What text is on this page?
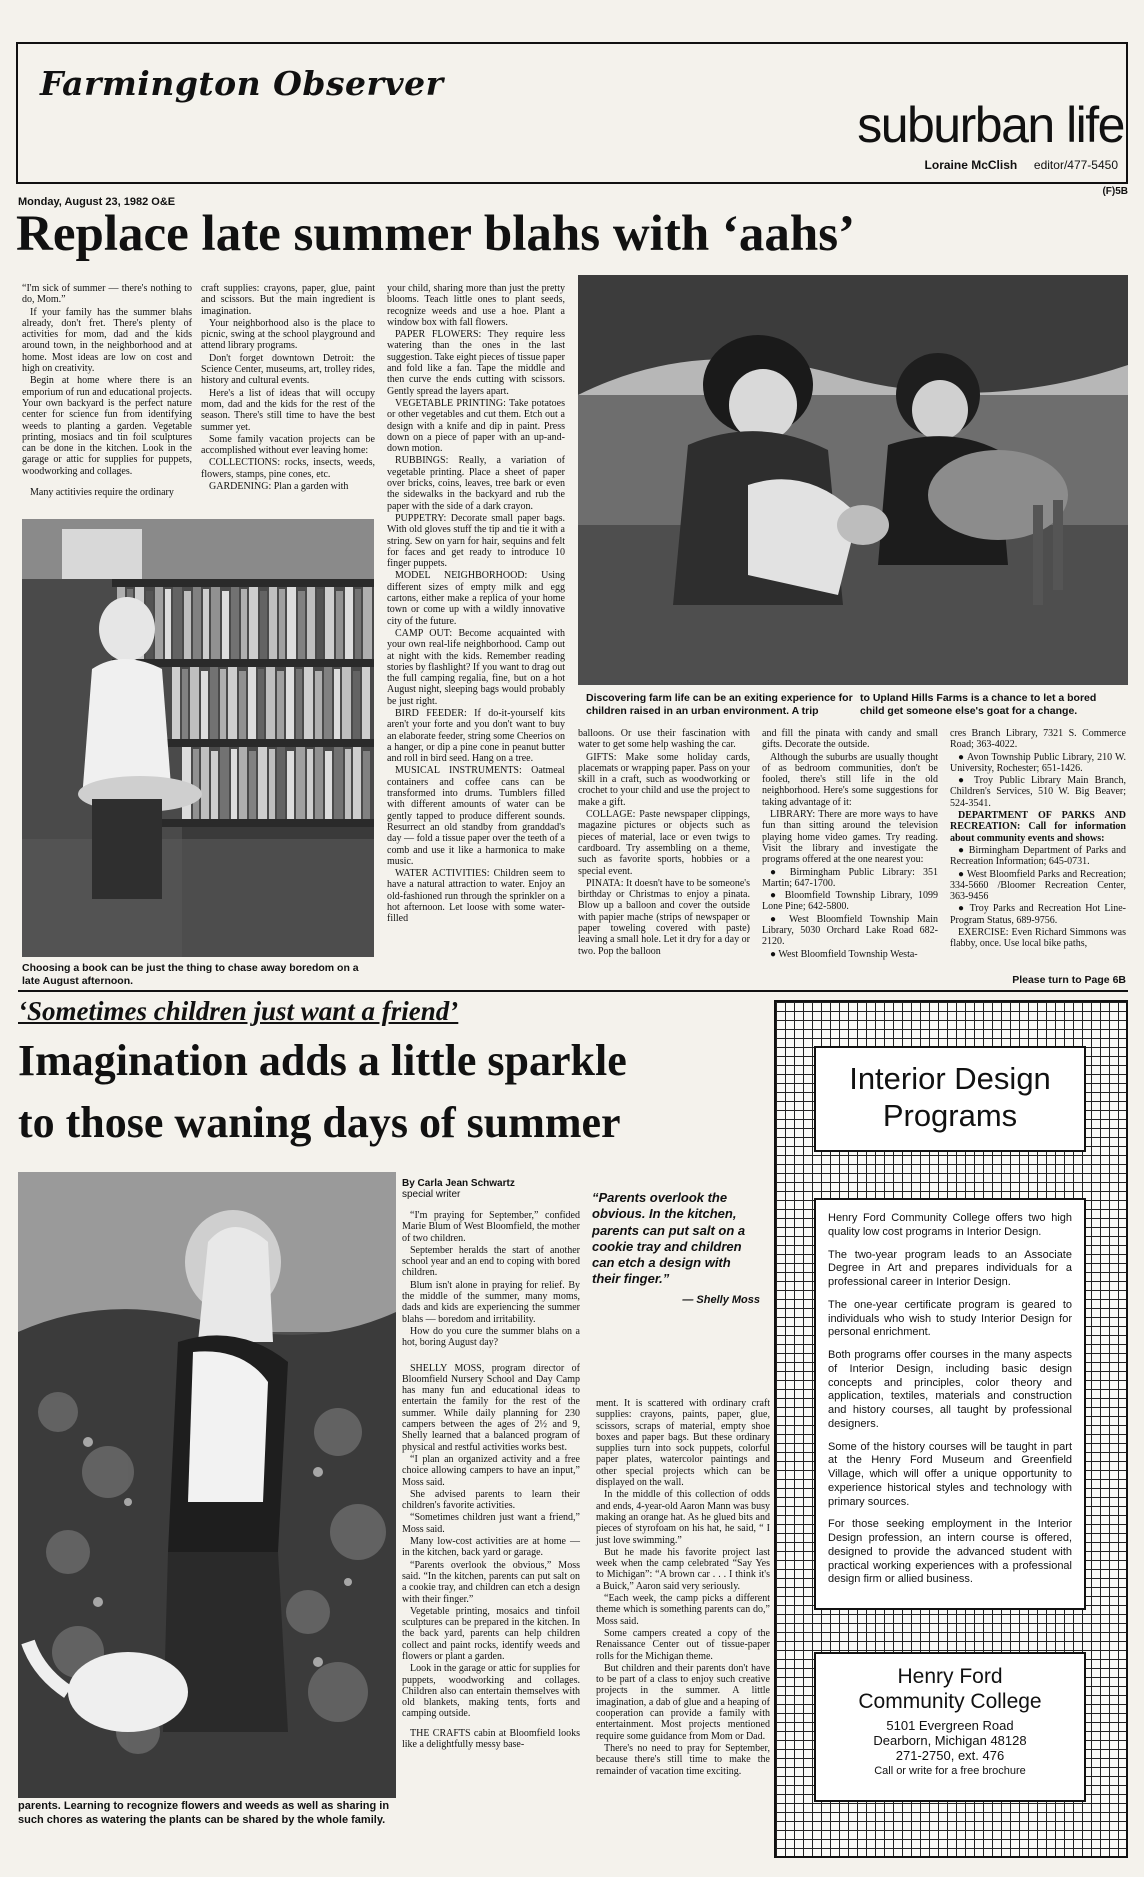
Farmington Observer
suburban life
Loraine McClish editor/477-5450
Monday, August 23, 1982 O&E
(F)5B
Replace late summer blahs with ‘aahs’

“I'm sick of summer — there's nothing to do, Mom.”

If your family has the summer blahs already, don't fret. There's plenty of activities for mom, dad and the kids around town, in the neighborhood and at home. Most ideas are low on cost and high on creativity.

Begin at home where there is an emporium of run and educational projects. Your own backyard is the perfect nature center for science fun from identifying weeds to planting a garden. Vegetable printing, mosiacs and tin foil sculptures can be done in the kitchen. Look in the garage or attic for supplies for puppets, woodworking and collages.

Many actitivies require the ordinary

craft supplies: crayons, paper, glue, paint and scissors. But the main ingredient is imagination.

Your neighborhood also is the place to picnic, swing at the school playground and attend library programs.

Don't forget downtown Detroit: the Science Center, museums, art, trolley rides, history and cultural events.

Here's a list of ideas that will occupy mom, dad and the kids for the rest of the season. There's still time to have the best summer yet.

Some family vacation projects can be accomplished without ever leaving home:

COLLECTIONS: rocks, insects, weeds, flowers, stamps, pine cones, etc.

GARDENING: Plan a garden with

Choosing a book can be just the thing to chase away boredom on a late August afternoon.

your child, sharing more than just the pretty blooms. Teach little ones to plant seeds, recognize weeds and use a hoe. Plant a window box with fall flowers.

PAPER FLOWERS: They require less watering than the ones in the last suggestion. Take eight pieces of tissue paper and fold like a fan. Tape the middle and then curve the ends cutting with scissors. Gently spread the layers apart.

VEGETABLE PRINTING: Take potatoes or other vegetables and cut them. Etch out a design with a knife and dip in paint. Press down on a piece of paper with an up-and-down motion.

RUBBINGS: Really, a variation of vegetable printing. Place a sheet of paper over bricks, coins, leaves, tree bark or even the sidewalks in the backyard and rub the paper with the side of a dark crayon.

PUPPETRY: Decorate small paper bags. With old gloves stuff the tip and tie it with a string. Sew on yarn for hair, sequins and felt for faces and get ready to introduce 10 finger puppets.

MODEL NEIGHBORHOOD: Using different sizes of empty milk and egg cartons, either make a replica of your home town or come up with a wildly innovative city of the future.

CAMP OUT: Become acquainted with your own real-life neighborhood. Camp out at night with the kids. Remember reading stories by flashlight? If you want to drag out the full camping regalia, fine, but on a hot August night, sleeping bags would probably be just right.

BIRD FEEDER: If do-it-yourself kits aren't your forte and you don't want to buy an elaborate feeder, string some Cheerios on a hanger, or dip a pine cone in peanut butter and roll in bird seed. Hang on a tree.

MUSICAL INSTRUMENTS: Oatmeal containers and coffee cans can be transformed into drums. Tumblers filled with different amounts of water can be gently tapped to produce different sounds. Resurrect an old standby from granddad's day — fold a tissue paper over the teeth of a comb and use it like a harmonica to make music.

WATER ACTIVITIES: Children seem to have a natural attraction to water. Enjoy an old-fashioned run through the sprinkler on a hot afternoon. Let loose with some water-filled

Discovering farm life can be an exiting experience for children raised in an urban environment. A trip
to Upland Hills Farms is a chance to let a bored child get someone else's goat for a change.

balloons. Or use their fascination with water to get some help washing the car.

GIFTS: Make some holiday cards, placemats or wrapping paper. Pass on your skill in a craft, such as woodworking or crochet to your child and use the project to make a gift.

COLLAGE: Paste newspaper clippings, magazine pictures or objects such as pieces of material, lace or even twigs to cardboard. Try assembling on a theme, such as favorite sports, hobbies or a special event.

PINATA: It doesn't have to be someone's birthday or Christmas to enjoy a pinata. Blow up a balloon and cover the outside with papier mache (strips of newspaper or paper toweling covered with paste) leaving a small hole. Let it dry for a day or two. Pop the balloon

and fill the pinata with candy and small gifts. Decorate the outside.

Although the suburbs are usually thought of as bedroom communities, don't be fooled, there's still life in the old neighborhood. Here's some suggestions for taking advantage of it:

LIBRARY: There are more ways to have fun than sitting around the television playing home video games. Try reading. Visit the library and investigate the programs offered at the one nearest you:

● Birmingham Public Library: 351 Martin; 647-1700.

● Bloomfield Township Library, 1099 Lone Pine; 642-5800.

● West Bloomfield Township Main Library, 5030 Orchard Lake Road 682-2120.

● West Bloomfield Township Westa-

cres Branch Library, 7321 S. Commerce Road; 363-4022.

● Avon Township Public Library, 210 W. University, Rochester; 651-1426.

● Troy Public Library Main Branch, Children's Services, 510 W. Big Beaver; 524-3541.

DEPARTMENT OF PARKS AND RECREATION: Call for information about community events and shows:

● Birmingham Department of Parks and Recreation Information; 645-0731.

● West Bloomfield Parks and Recreation; 334-5660 /Bloomer Recreation Center, 363-9456

● Troy Parks and Recreation Hot Line-Program Status, 689-9756.

EXERCISE: Even Richard Simmons was flabby, once. Use local bike paths,

Please turn to Page 6B
‘Sometimes children just want a friend’
Imagination adds a little sparkle
to those waning days of summer
parents. Learning to recognize flowers and weeds as well as sharing in such chores as watering the plants can be shared by the whole family.
By Carla Jean Schwartz
special writer

“I'm praying for September,” confided Marie Blum of West Bloomfield, the mother of two children.

September heralds the start of another school year and an end to coping with bored children.

Blum isn't alone in praying for relief. By the middle of the summer, many moms, dads and kids are experiencing the summer blahs — boredom and irritability.

How do you cure the summer blahs on a hot, boring August day?

SHELLY MOSS, program director of Bloomfield Nursery School and Day Camp has many fun and educational ideas to entertain the family for the rest of the summer. While daily planning for 230 campers between the ages of 2½ and 9, Shelly learned that a balanced program of physical and restful activities works best.

“I plan an organized activity and a free choice allowing campers to have an input,” Moss said.

She advised parents to learn their children's favorite activities.

“Sometimes children just want a friend,” Moss said.

Many low-cost activities are at home — in the kitchen, back yard or garage.

“Parents overlook the obvious,” Moss said. “In the kitchen, parents can put salt on a cookie tray, and children can etch a design with their finger.”

Vegetable printing, mosaics and tinfoil sculptures can be prepared in the kitchen. In the back yard, parents can help children collect and paint rocks, identify weeds and flowers or plant a garden.

Look in the garage or attic for supplies for puppets, woodworking and collages. Children also can entertain themselves with old blankets, making tents, forts and camping outside.

THE CRAFTS cabin at Bloomfield looks like a delightfully messy base-

“Parents overlook the obvious. In the kitchen, parents can put salt on a cookie tray and children can etch a design with their finger.”
— Shelly Moss

ment. It is scattered with ordinary craft supplies: crayons, paints, paper, glue, scissors, scraps of material, empty shoe boxes and paper bags. But these ordinary supplies turn into sock puppets, colorful paper plates, watercolor paintings and other special projects which can be displayed on the wall.

In the middle of this collection of odds and ends, 4-year-old Aaron Mann was busy making an orange hat. As he glued bits and pieces of styrofoam on his hat, he said, “ I just love swimming.”

But he made his favorite project last week when the camp celebrated “Say Yes to Michigan”: “A brown car . . . I think it's a Buick,” Aaron said very seriously.

“Each week, the camp picks a different theme which is something parents can do,” Moss said.

Some campers created a copy of the Renaissance Center out of tissue-paper rolls for the Michigan theme.

But children and their parents don't have to be part of a class to enjoy such creative projects in the summer. A little imagination, a dab of glue and a heaping of cooperation can provide a family with entertainment. Most projects mentioned require some guidance from Mom or Dad.

There's no need to pray for September, because there's still time to make the remainder of vacation time exciting.

Interior Design
Programs

Henry Ford Community College offers two high quality low cost programs in Interior Design.

The two-year program leads to an Associate Degree in Art and prepares individuals for a professional career in Interior Design.

The one-year certificate program is geared to individuals who wish to study Interior Design for personal enrichment.

Both programs offer courses in the many aspects of Interior Design, including basic design concepts and principles, color theory and application, textiles, materials and construction and history courses, all taught by professional designers.

Some of the history courses will be taught in part at the Henry Ford Museum and Greenfield Village, which will offer a unique opportunity to experience historical styles and technology with primary sources.

For those seeking employment in the Interior Design profession, an intern course is offered, designed to provide the advanced student with practical working experiences with a professional design firm or allied business.

Henry Ford
Community College
5101 Evergreen Road
Dearborn, Michigan 48128
271-2750, ext. 476
Call or write for a free brochure
